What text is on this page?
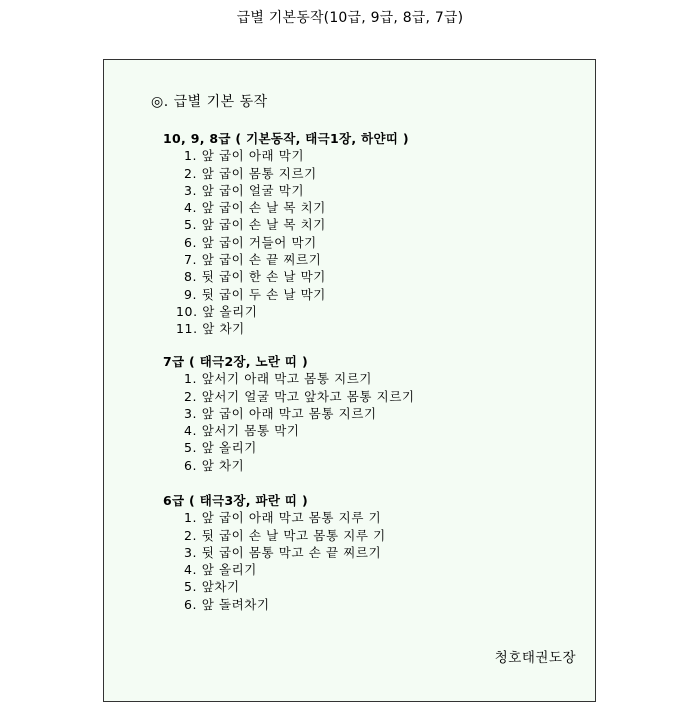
급별 기본동작(10급, 9급, 8급, 7급)
◎. 급별 기본 동작
10, 9, 8급 ( 기본동작, 태극1장, 하얀띠 )
1. 앞 굽이 아래 막기
2. 앞 굽이 몸통 지르기
3. 앞 굽이 얼굴 막기
4. 앞 굽이 손 날 목 치기
5. 앞 굽이 손 날 목 치기
6. 앞 굽이 거들어 막기
7. 앞 굽이 손 끝 찌르기
8. 뒷 굽이 한 손 날 막기
9. 뒷 굽이 두 손 날 막기
10. 앞 올리기
11. 앞 차기
7급 ( 태극2장, 노란 띠 )
1. 앞서기 아래 막고 몸통 지르기
2. 앞서기 얼굴 막고 앞차고 몸통 지르기
3. 앞 굽이 아래 막고 몸통 지르기
4. 앞서기 몸통 막기
5. 앞 올리기
6. 앞 차기
6급 ( 태극3장, 파란 띠 )
1. 앞 굽이 아래 막고 몸통 지루 기
2. 뒷 굽이 손 날 막고 몸통 지루 기
3. 뒷 굽이 몸통 막고 손 끝 찌르기
4. 앞 올리기
5. 앞차기
6. 앞 돌려차기
청호태권도장
